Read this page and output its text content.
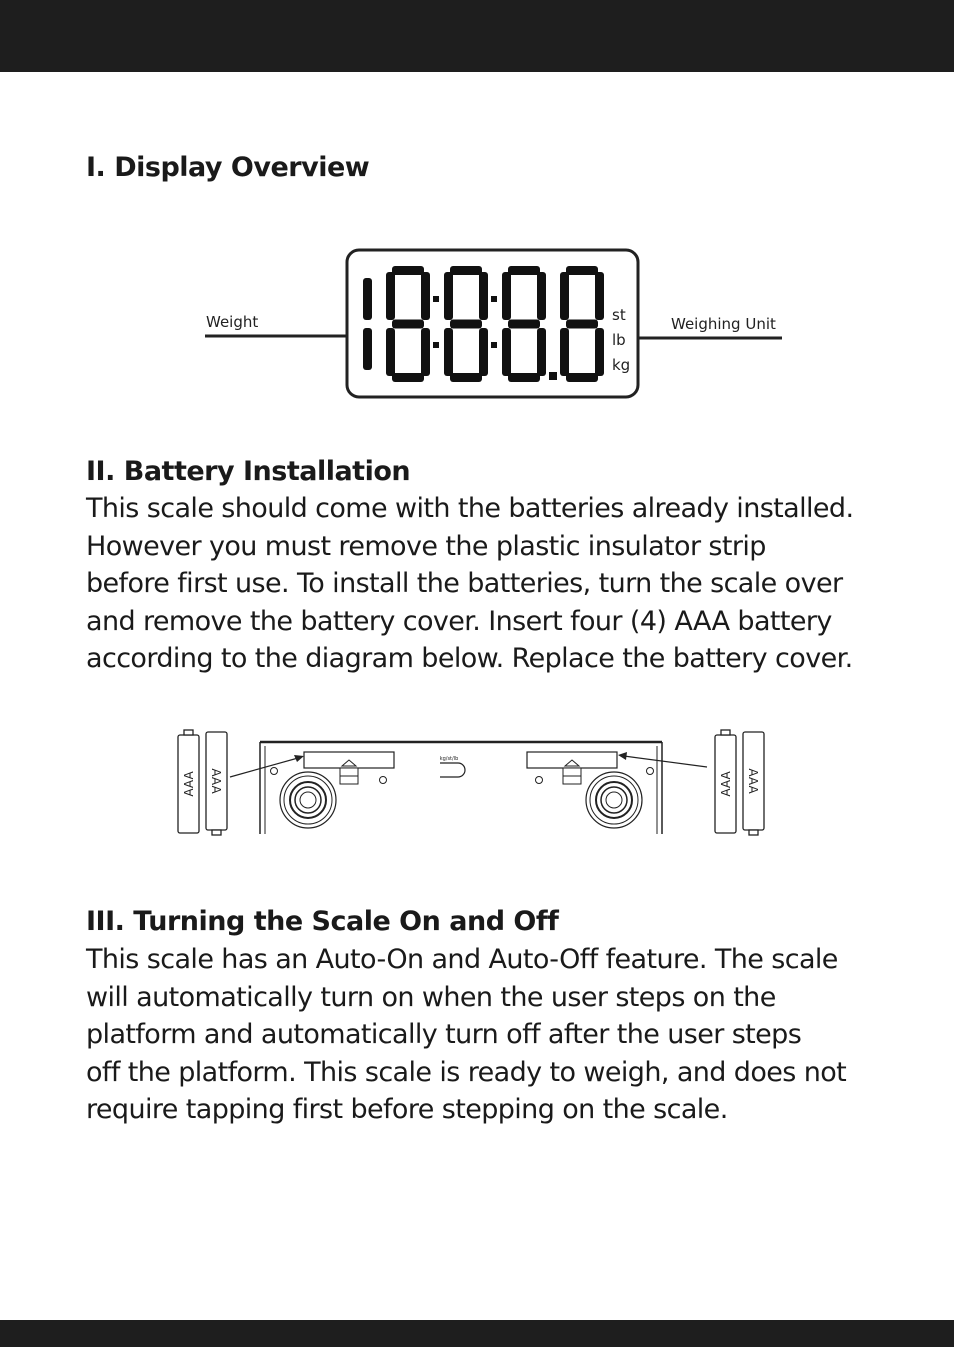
I. Display Overview
Weight	Weighing Unit
st
lb
kg
II. Battery Installation
This scale should come with the batteries already installed.
However you must remove the plastic insulator strip
before first use. To install the batteries, turn the scale over
and remove the battery cover. Insert four (4) AAA battery
according to the diagram below. Replace the battery cover.
kg/st/lb
AAA AAA	AAA AAA
III. Turning the Scale On and Off
This scale has an Auto-On and Auto-Off feature. The scale
will automatically turn on when the user steps on the
platform and automatically turn off after the user steps
off the platform. This scale is ready to weigh, and does not
require tapping first before stepping on the scale.
